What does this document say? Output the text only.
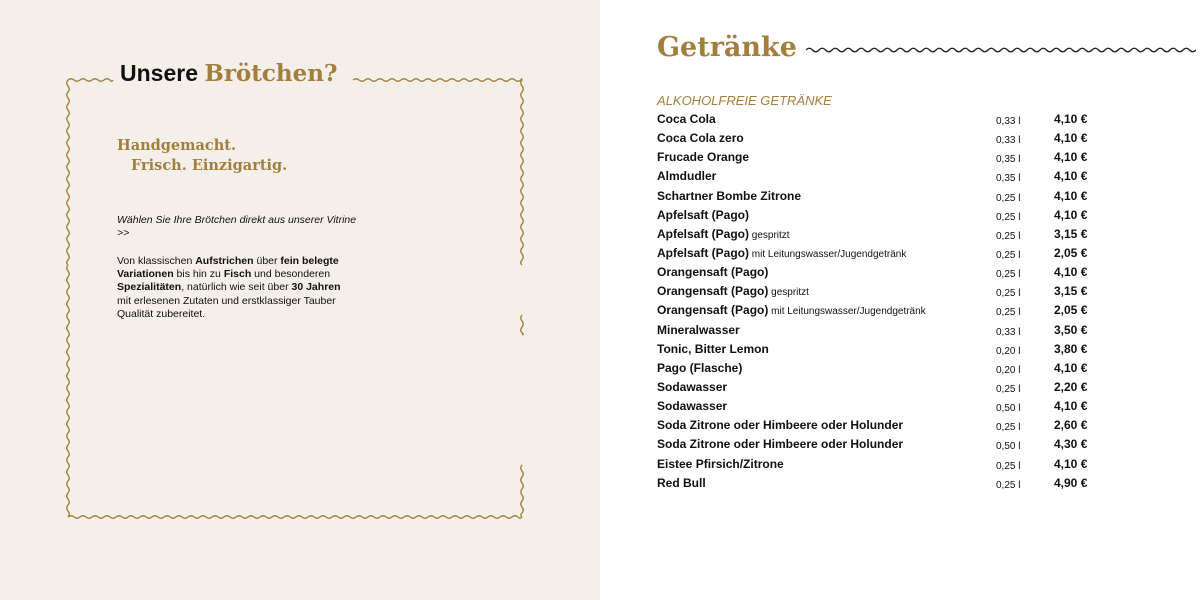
Unsere Brötchen?
Handgemacht.
Frisch. Einzigartig.
Wählen Sie Ihre Brötchen direkt aus unserer Vitrine >>
Von klassischen Aufstrichen über fein belegte Variationen bis hin zu Fisch und besonderen Spezialitäten, natürlich wie seit über 30 Jahren mit erlesenen Zutaten und erstklassiger Tauber Qualität zubereitet.
Getränke
ALKOHOLFREIE GETRÄNKE
Coca Cola	0,33 l	4,10 €
Coca Cola zero	0,33 l	4,10 €
Frucade Orange	0,35 l	4,10 €
Almdudler	0,35 l	4,10 €
Schartner Bombe Zitrone	0,25 l	4,10 €
Apfelsaft (Pago)	0,25 l	4,10 €
Apfelsaft (Pago) gespritzt	0,25 l	3,15 €
Apfelsaft (Pago) mit Leitungswasser/Jugendgetränk	0,25 l	2,05 €
Orangensaft (Pago)	0,25 l	4,10 €
Orangensaft (Pago) gespritzt	0,25 l	3,15 €
Orangensaft (Pago) mit Leitungswasser/Jugendgetränk	0,25 l	2,05 €
Mineralwasser	0,33 l	3,50 €
Tonic, Bitter Lemon	0,20 l	3,80 €
Pago (Flasche)	0,20 l	4,10 €
Sodawasser	0,25 l	2,20 €
Sodawasser	0,50 l	4,10 €
Soda Zitrone oder Himbeere oder Holunder	0,25 l	2,60 €
Soda Zitrone oder Himbeere oder Holunder	0,50 l	4,30 €
Eistee Pfirsich/Zitrone	0,25 l	4,10 €
Red Bull	0,25 l	4,90 €
